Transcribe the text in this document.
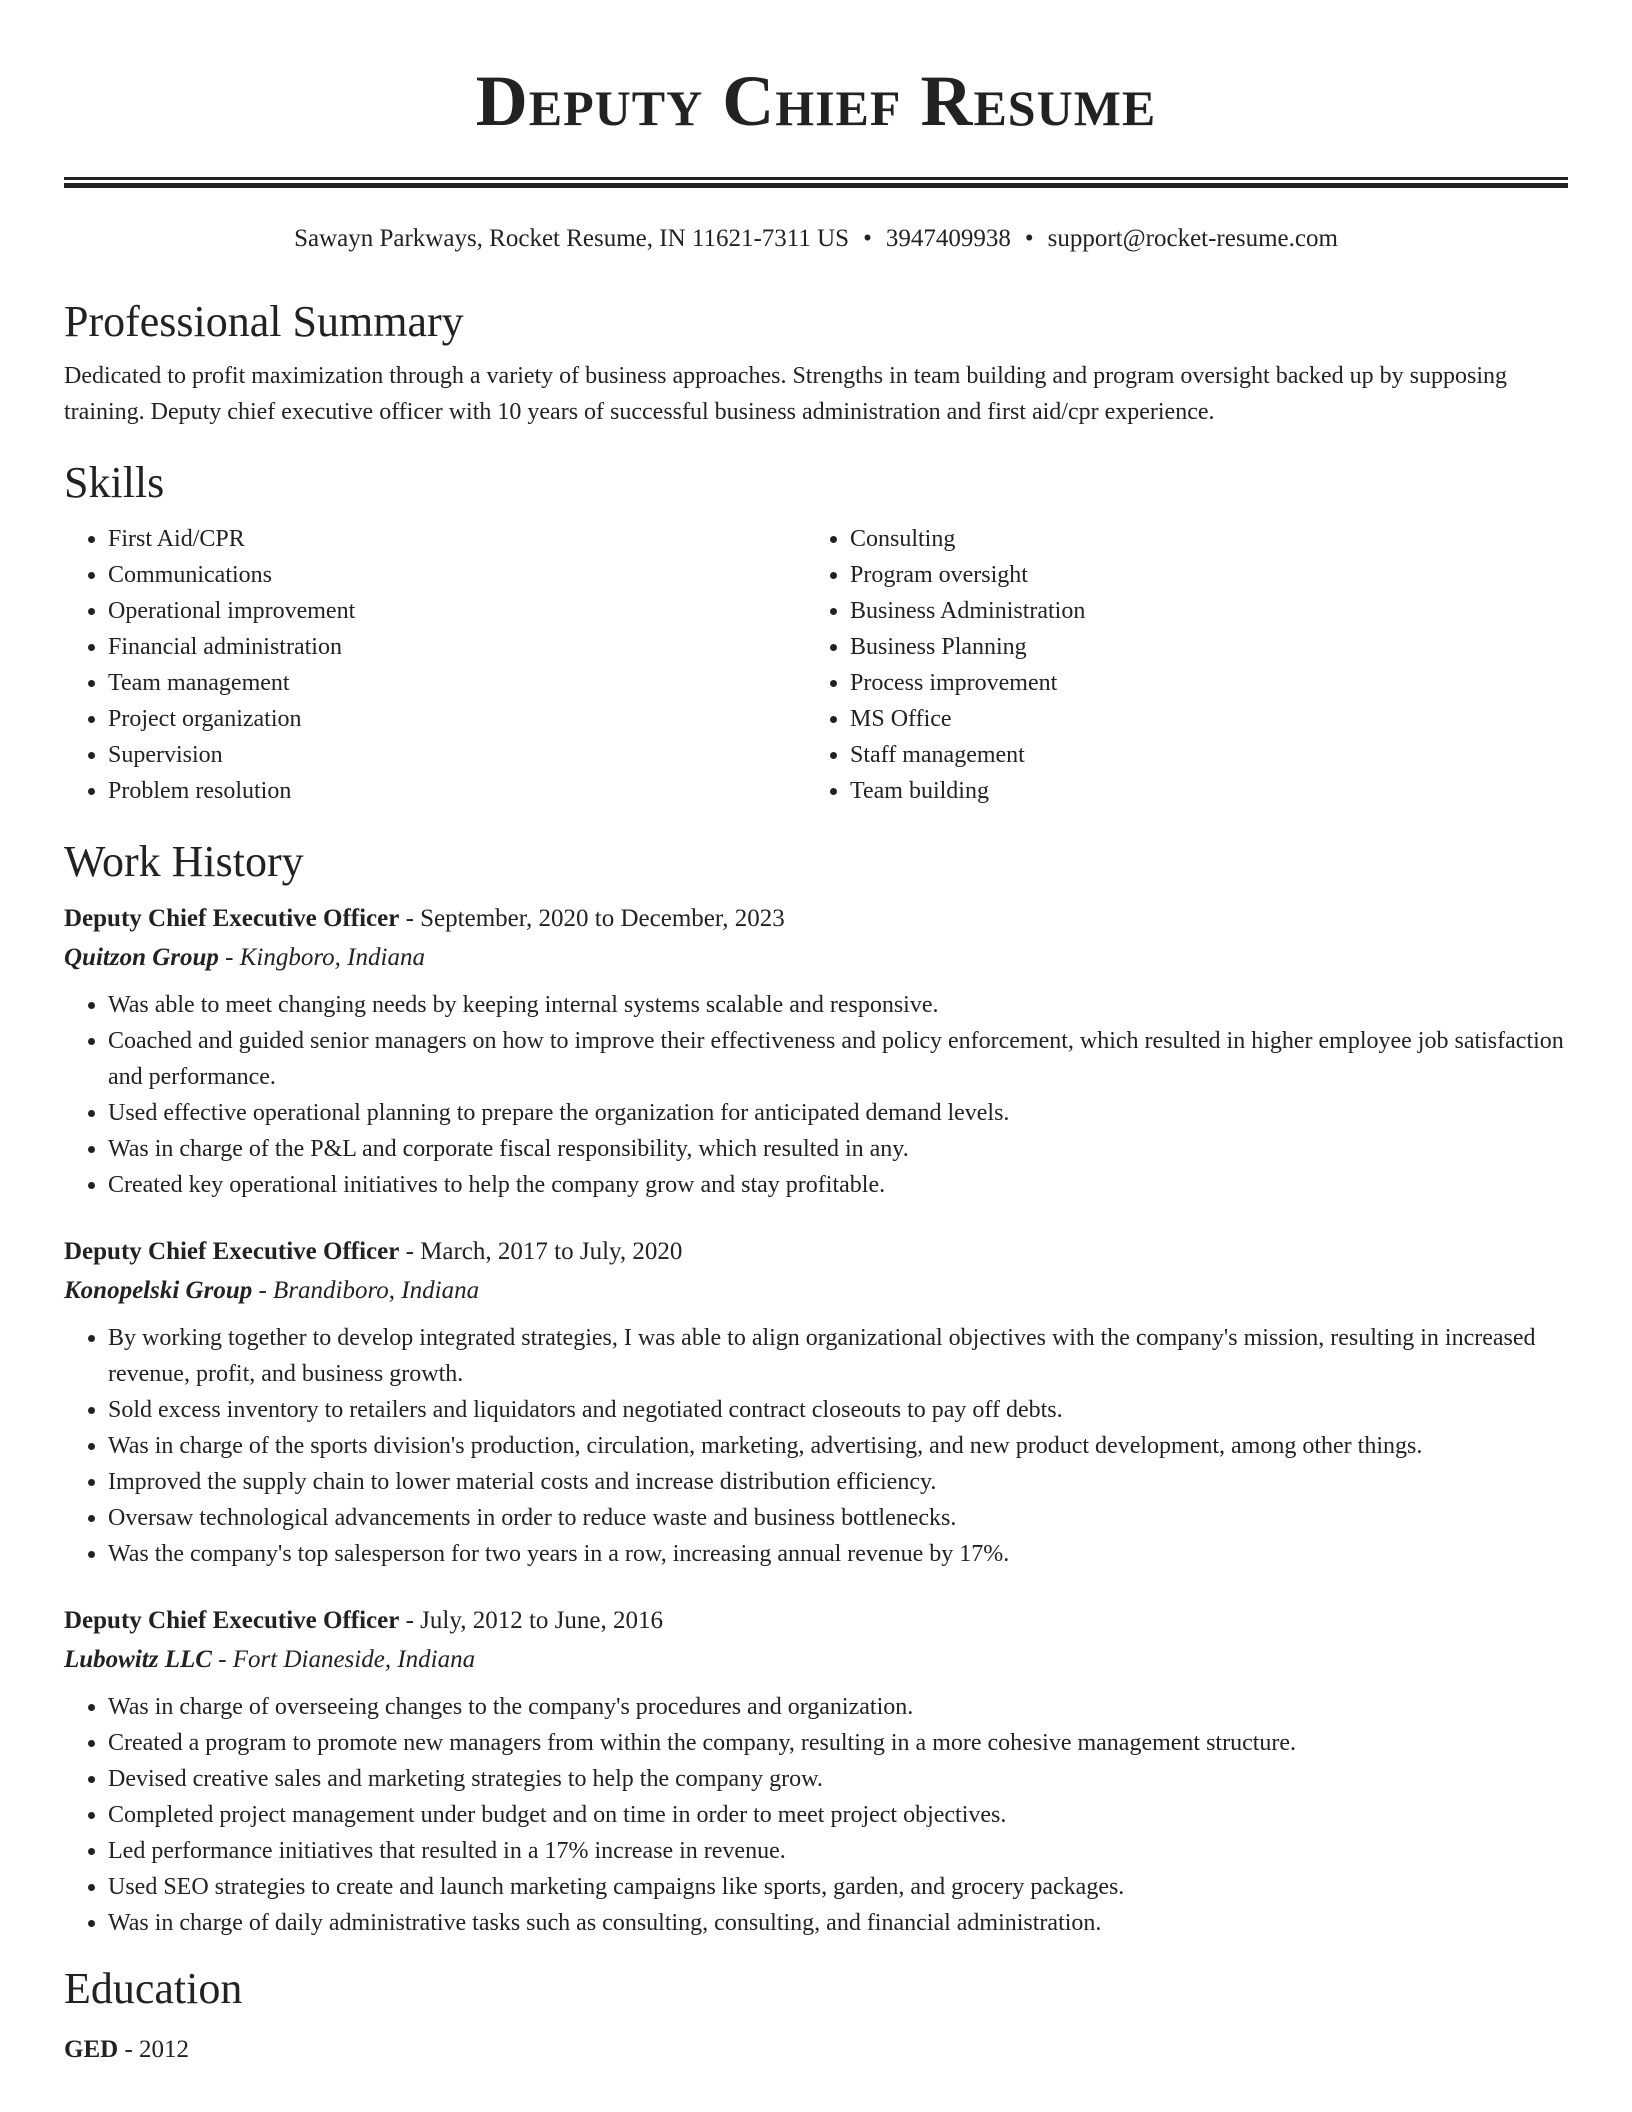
Deputy Chief Resume
Sawayn Parkways, Rocket Resume, IN 11621-7311 US • 3947409938 • support@rocket-resume.com
Professional Summary
Dedicated to profit maximization through a variety of business approaches. Strengths in team building and program oversight backed up by supposing training. Deputy chief executive officer with 10 years of successful business administration and first aid/cpr experience.
Skills
• First Aid/CPR
• Communications
• Operational improvement
• Financial administration
• Team management
• Project organization
• Supervision
• Problem resolution
• Consulting
• Program oversight
• Business Administration
• Business Planning
• Process improvement
• MS Office
• Staff management
• Team building
Work History
Deputy Chief Executive Officer - September, 2020 to December, 2023
Quitzon Group - Kingboro, Indiana
• Was able to meet changing needs by keeping internal systems scalable and responsive.
• Coached and guided senior managers on how to improve their effectiveness and policy enforcement, which resulted in higher employee job satisfaction and performance.
• Used effective operational planning to prepare the organization for anticipated demand levels.
• Was in charge of the P&L and corporate fiscal responsibility, which resulted in any.
• Created key operational initiatives to help the company grow and stay profitable.
Deputy Chief Executive Officer - March, 2017 to July, 2020
Konopelski Group - Brandiboro, Indiana
• By working together to develop integrated strategies, I was able to align organizational objectives with the company's mission, resulting in increased revenue, profit, and business growth.
• Sold excess inventory to retailers and liquidators and negotiated contract closeouts to pay off debts.
• Was in charge of the sports division's production, circulation, marketing, advertising, and new product development, among other things.
• Improved the supply chain to lower material costs and increase distribution efficiency.
• Oversaw technological advancements in order to reduce waste and business bottlenecks.
• Was the company's top salesperson for two years in a row, increasing annual revenue by 17%.
Deputy Chief Executive Officer - July, 2012 to June, 2016
Lubowitz LLC - Fort Dianeside, Indiana
• Was in charge of overseeing changes to the company's procedures and organization.
• Created a program to promote new managers from within the company, resulting in a more cohesive management structure.
• Devised creative sales and marketing strategies to help the company grow.
• Completed project management under budget and on time in order to meet project objectives.
• Led performance initiatives that resulted in a 17% increase in revenue.
• Used SEO strategies to create and launch marketing campaigns like sports, garden, and grocery packages.
• Was in charge of daily administrative tasks such as consulting, consulting, and financial administration.
Education
GED - 2012
